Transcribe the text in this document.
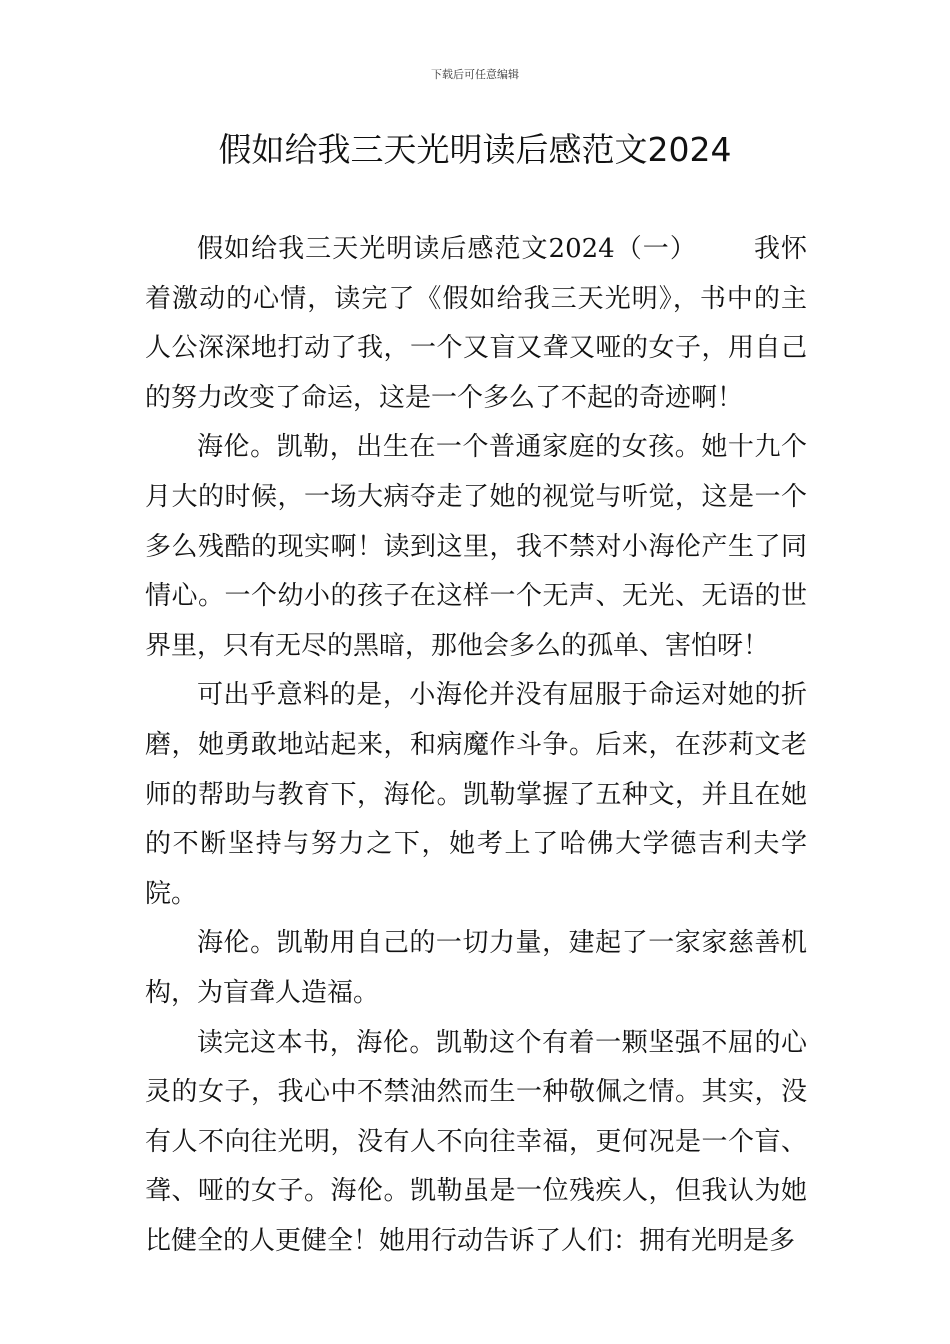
下载后可任意编辑
假如给我三天光明读后感范文2024

假如给我三天光明读后感范文2024（一） 我怀着激动的心情，读完了《假如给我三天光明》，书中的主人公深深地打动了我，一个又盲又聋又哑的女子，用自己的努力改变了命运，这是一个多么了不起的奇迹啊！

海伦。凯勒，出生在一个普通家庭的女孩。她十九个月大的时候，一场大病夺走了她的视觉与听觉，这是一个多么残酷的现实啊！读到这里，我不禁对小海伦产生了同情心。一个幼小的孩子在这样一个无声、无光、无语的世界里，只有无尽的黑暗，那他会多么的孤单、害怕呀！

可出乎意料的是，小海伦并没有屈服于命运对她的折磨，她勇敢地站起来，和病魔作斗争。后来，在莎莉文老师的帮助与教育下，海伦。凯勒掌握了五种文，并且在她的不断坚持与努力之下，她考上了哈佛大学德吉利夫学院。

海伦。凯勒用自己的一切力量，建起了一家家慈善机构，为盲聋人造福。

读完这本书，海伦。凯勒这个有着一颗坚强不屈的心灵的女子，我心中不禁油然而生一种敬佩之情。其实，没有人不向往光明，没有人不向往幸福，更何况是一个盲、聋、哑的女子。海伦。凯勒虽是一位残疾人，但我认为她比健全的人更健全！她用行动告诉了人们：拥有光明是多
